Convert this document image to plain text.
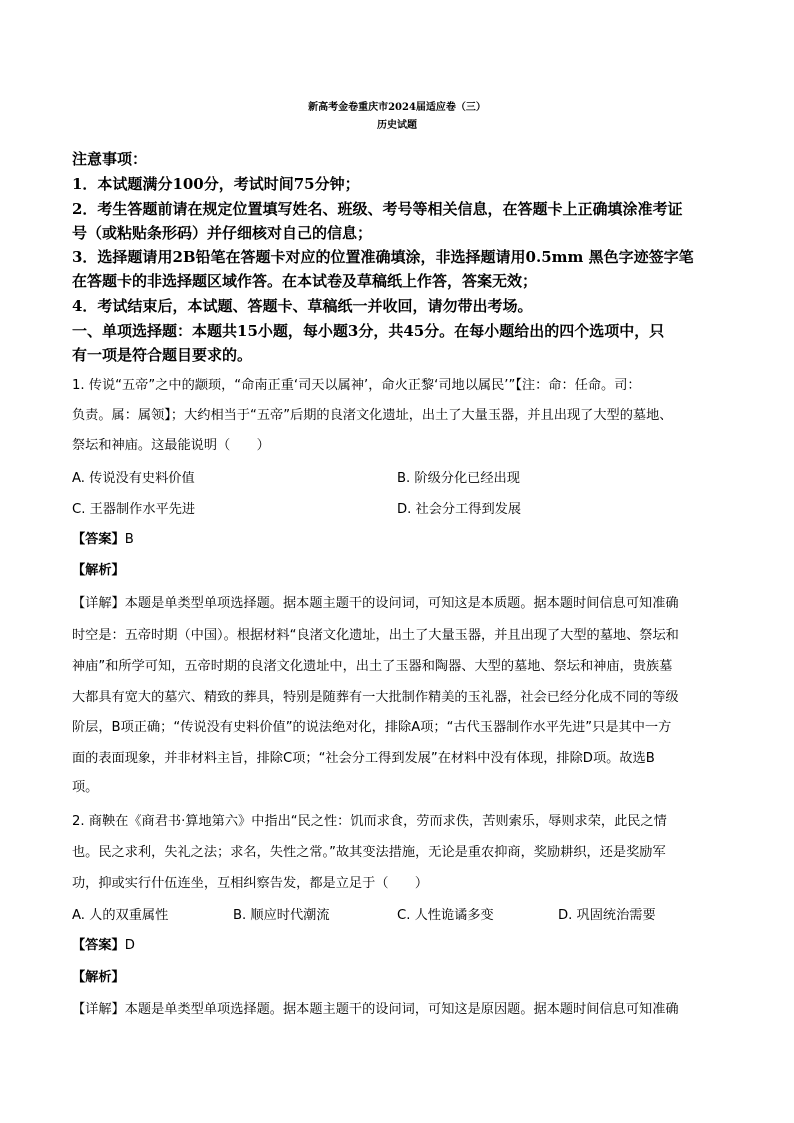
新高考金卷重庆市2024届适应卷（三）
历史试题
注意事项：
1．本试题满分100分，考试时间75分钟；
2．考生答题前请在规定位置填写姓名、班级、考号等相关信息，在答题卡上正确填涂准考证
号（或粘贴条形码）并仔细核对自己的信息；
3．选择题请用2B铅笔在答题卡对应的位置准确填涂，非选择题请用0.5mm 黑色字迹签字笔
在答题卡的非选择题区域作答。在本试卷及草稿纸上作答，答案无效；
4．考试结束后，本试题、答题卡、草稿纸一并收回，请勿带出考场。
一、单项选择题：本题共15小题，每小题3分，共45分。在每小题给出的四个选项中，只
有一项是符合题目要求的。
1. 传说“五帝”之中的颛顼，“命南正重‘司天以属神’，命火正黎‘司地以属民’”【注：命：任命。司：
负责。属：属领】；大约相当于“五帝”后期的良渚文化遗址，出土了大量玉器，并且出现了大型的墓地、
祭坛和神庙。这最能说明（　　）
A. 传说没有史料价值	B. 阶级分化已经出现
C. 王器制作水平先进	D. 社会分工得到发展
【答案】B
【解析】
【详解】本题是单类型单项选择题。据本题主题干的设问词，可知这是本质题。据本题时间信息可知准确
时空是：五帝时期（中国）。根据材料“良渚文化遗址，出土了大量玉器，并且出现了大型的墓地、祭坛和
神庙”和所学可知，五帝时期的良渚文化遗址中，出土了玉器和陶器、大型的墓地、祭坛和神庙，贵族墓
大都具有宽大的墓穴、精致的葬具，特别是随葬有一大批制作精美的玉礼器，社会已经分化成不同的等级
阶层，B项正确；“传说没有史料价值”的说法绝对化，排除A项；“古代玉器制作水平先进”只是其中一方
面的表面现象，并非材料主旨，排除C项；“社会分工得到发展”在材料中没有体现，排除D项。故选B
项。
2. 商鞅在《商君书·算地第六》中指出“民之性：饥而求食，劳而求佚，苦则索乐，辱则求荣，此民之情
也。民之求利，失礼之法；求名，失性之常。”故其变法措施，无论是重农抑商，奖励耕织，还是奖励军
功，抑或实行什伍连坐，互相纠察告发，都是立足于（　　）
A. 人的双重属性	B. 顺应时代潮流	C. 人性诡谲多变	D. 巩固统治需要
【答案】D
【解析】
【详解】本题是单类型单项选择题。据本题主题干的设问词，可知这是原因题。据本题时间信息可知准确
